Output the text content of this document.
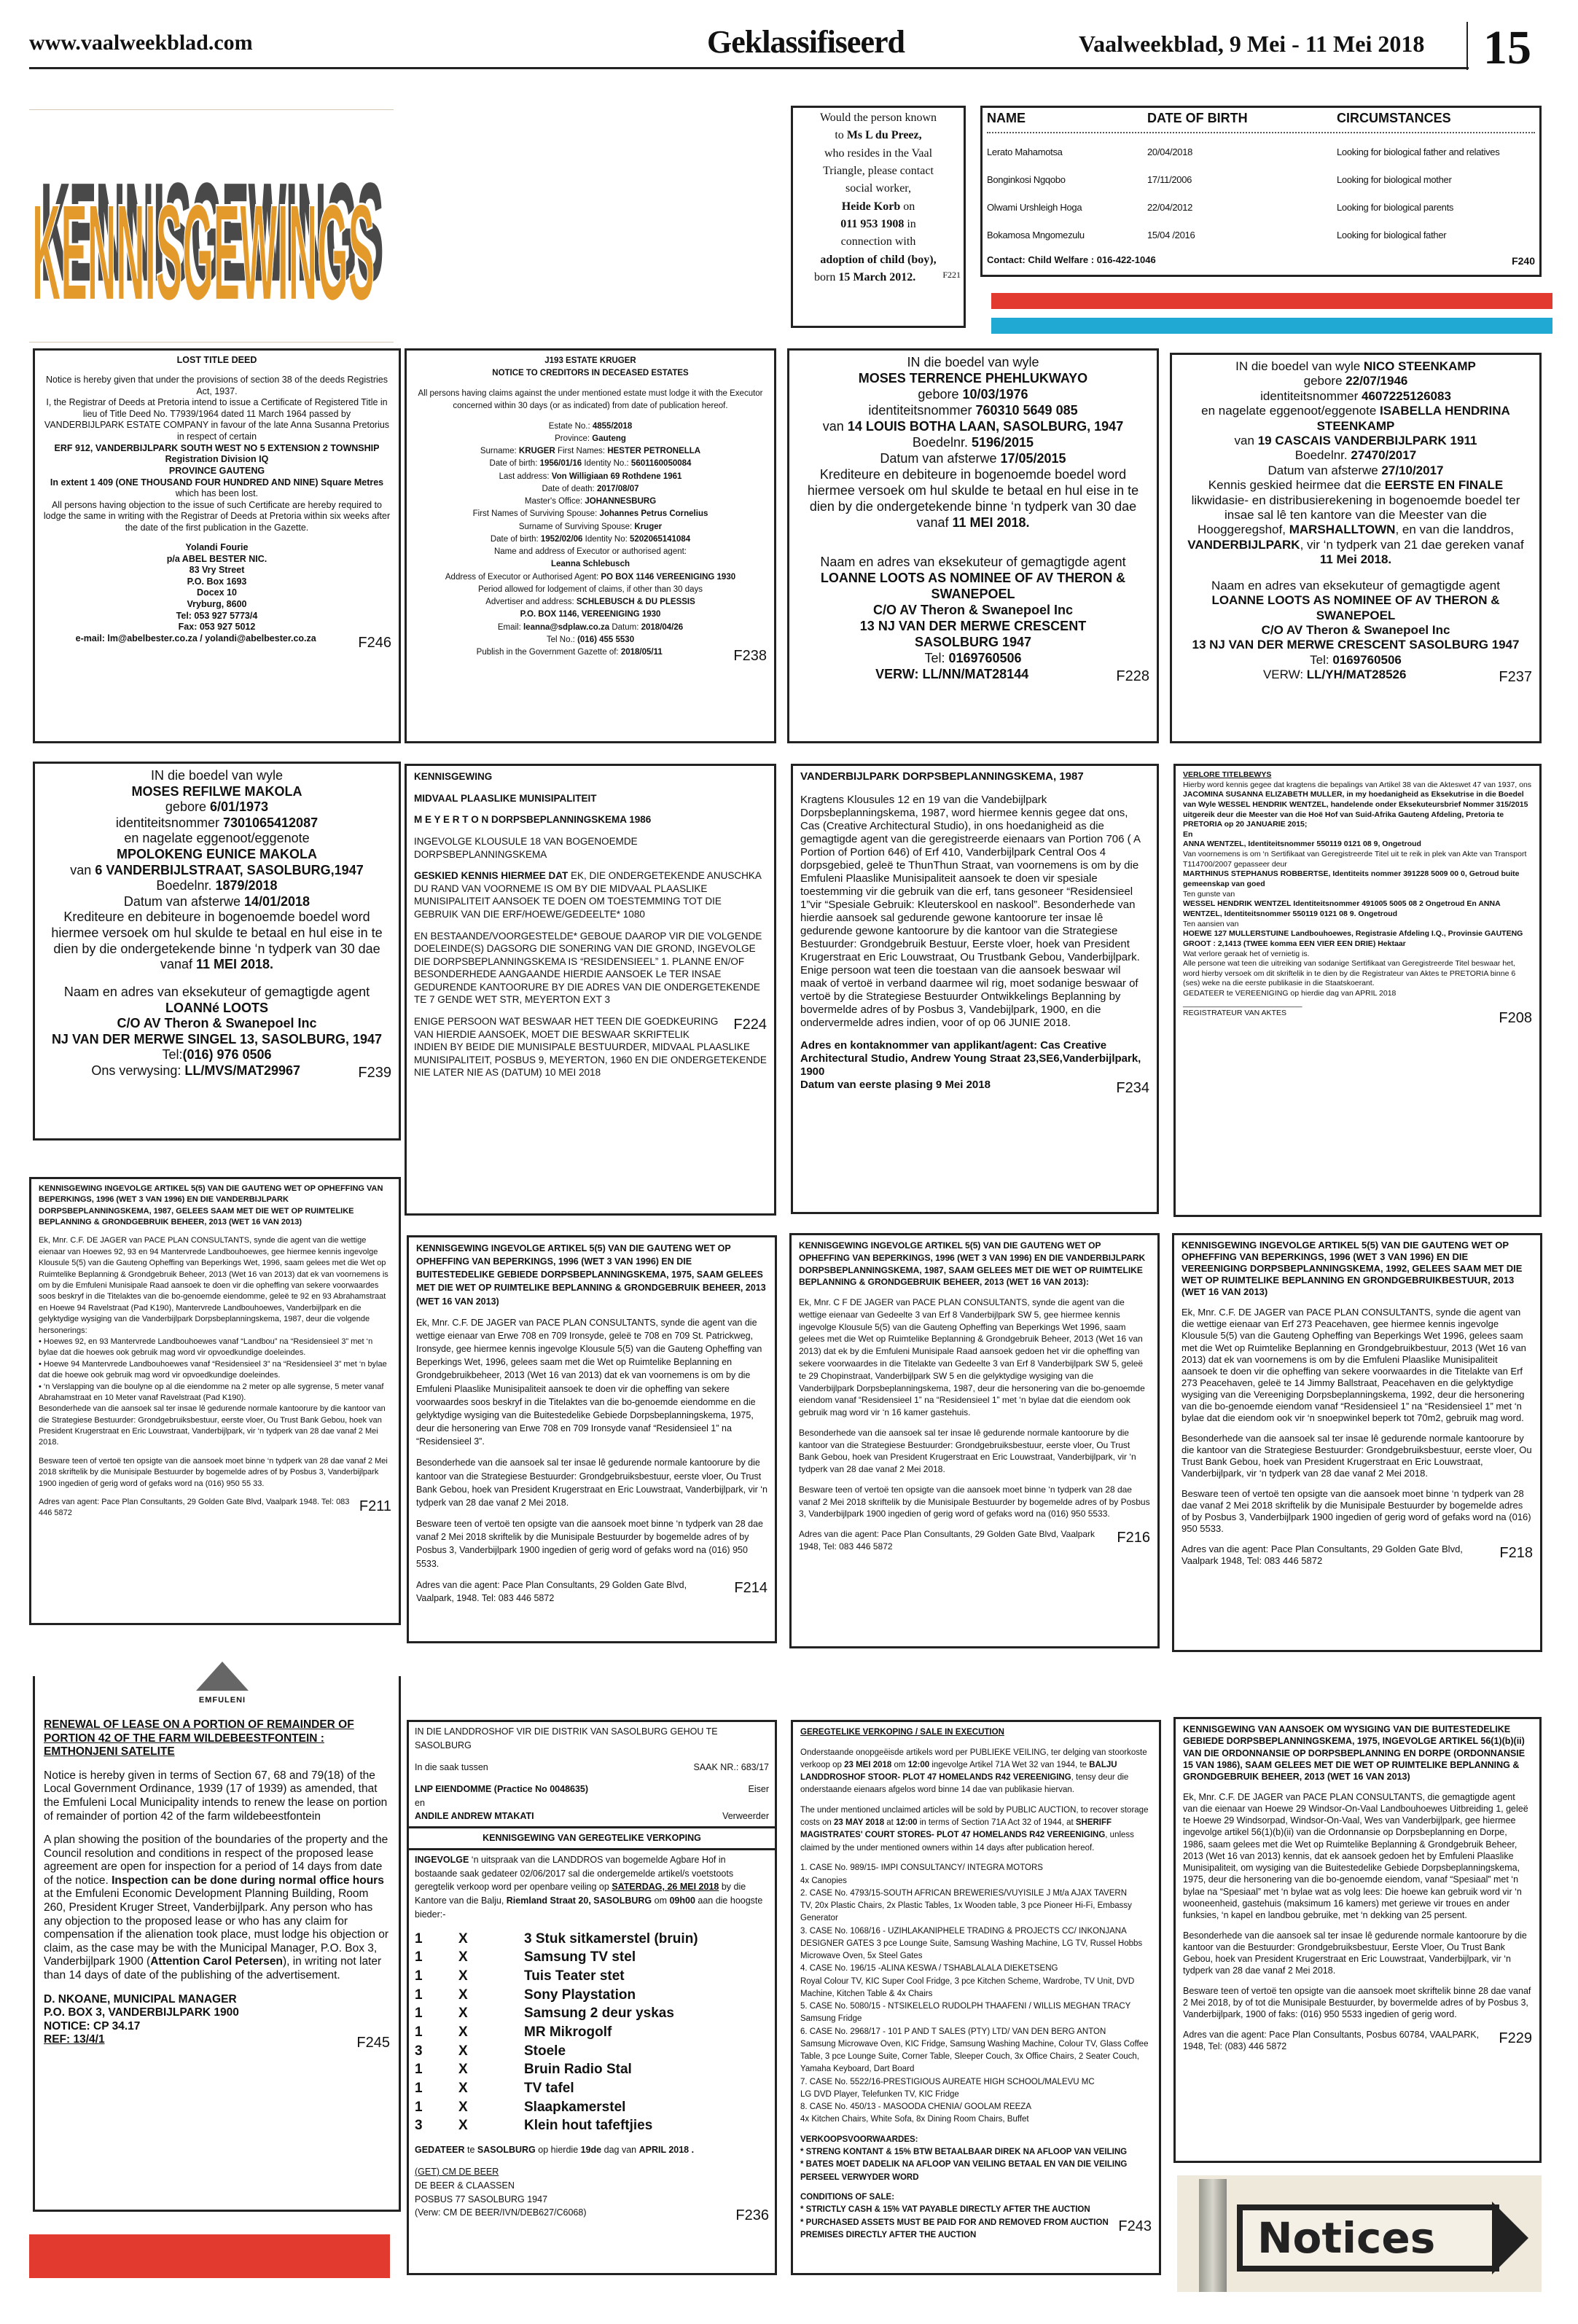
www.vaalweekblad.com	Geklassifiseerd	Vaalweekblad, 9 Mei - 11 Mei 2018 15
KENNISGEWINGS
Would the person known
to Ms L du Preez,
who resides in the Vaal
Triangle, please contact
social worker,
Heide Korb on
011 953 1908 in
connection with
adoption of child (boy),
F221
born 15 March 2012.
NAME	DATE OF BIRTH	CIRCUMSTANCES
Lerato Mahamotsa	20/04/2018	Looking for biological father and relatives
Bonginkosi Ngqobo	17/11/2006	Looking for biological mother
Olwami Urshleigh Hoga	22/04/2012	Looking for biological parents
Bokamosa Mngomezulu	15/04 /2016	Looking for biological father
F240
Contact: Child Welfare : 016-422-1046
LOST TITLE DEED
Notice is hereby given that under the provisions of section 38 of the deeds Registries Act, 1937.
I, the Registrar of Deeds at Pretoria intend to issue a Certificate of Registered Title in lieu of Title Deed No. T7939/1964 dated 11 March 1964 passed by VANDERBIJLPARK ESTATE COMPANY in favour of the late Anna Susanna Pretorius in respect of certain
ERF 912, VANDERBIJLPARK SOUTH WEST NO 5 EXTENSION 2 TOWNSHIP
Registration Division IQ
PROVINCE GAUTENG
In extent 1 409 (ONE THOUSAND FOUR HUNDRED AND NINE) Square Metres
which has been lost.
All persons having objection to the issue of such Certificate are hereby required to lodge the same in writing with the Registrar of Deeds at Pretoria within six weeks after the date of the first publication in the Gazette.
Yolandi Fourie
p/a ABEL BESTER NIC.
83 Vry Street
P.O. Box 1693
Docex 10
Vryburg, 8600
Tel: 053 927 5773/4
Fax: 053 927 5012
F246
e-mail: lm@abelbester.co.za / yolandi@abelbester.co.za
J193 ESTATE KRUGER
NOTICE TO CREDITORS IN DECEASED ESTATES
All persons having claims against the under mentioned estate must lodge it with the Executor concerned within 30 days (or as indicated) from date of publication hereof.
Estate No.: 4855/2018
Province: Gauteng
Surname: KRUGER First Names: HESTER PETRONELLA
Date of birth: 1956/01/16 Identity No.: 5601160050084
Last address: Von Willigiaan 69 Rothdene 1961
Date of death: 2017/08/07
Master's Office: JOHANNESBURG
First Names of Surviving Spouse: Johannes Petrus Cornelius
Surname of Surviving Spouse: Kruger
Date of birth: 1952/02/06 Identity No: 5202065141084
Name and address of Executor or authorised agent:
Leanna Schlebusch
Address of Executor or Authorised Agent: PO BOX 1146 VEREENIGING 1930
Period allowed for lodgement of claims, if other than 30 days
Advertiser and address: SCHLEBUSCH & DU PLESSIS
P.O. BOX 1146, VEREENIGING 1930
Email: leanna@sdplaw.co.za Datum: 2018/04/26
Tel No.: (016) 455 5530
F238
Publish in the Government Gazette of: 2018/05/11
IN die boedel van wyle
MOSES TERRENCE PHEHLUKWAYO
gebore 10/03/1976
identiteitsnommer 760310 5649 085
van 14 LOUIS BOTHA LAAN, SASOLBURG, 1947
Boedelnr. 5196/2015
Datum van afsterwe 17/05/2015
Krediteure en debiteure in bogenoemde boedel word hiermee versoek om hul skulde te betaal en hul eise in te dien by die ondergetekende binne ‘n tydperk van 30 dae vanaf 11 MEI 2018.
Naam en adres van eksekuteur of gemagtigde agent
LOANNE LOOTS AS NOMINEE OF AV THERON & SWANEPOEL
C/O AV Theron & Swanepoel Inc
13 NJ VAN DER MERWE CRESCENT
SASOLBURG 1947
Tel: 0169760506
F228
VERW: LL/NN/MAT28144
IN die boedel van wyle NICO STEENKAMP
gebore 22/07/1946
identiteitsnommer 4607225126083
en nagelate eggenoot/eggenote ISABELLA HENDRINA STEENKAMP
van 19 CASCAIS VANDERBIJLPARK 1911
Boedelnr. 27470/2017
Datum van afsterwe 27/10/2017
Kennis geskied heirmee dat die EERSTE EN FINALE likwidasie- en distribusierekening in bogenoemde boedel ter insae sal lê ten kantore van die Meester van die Hooggeregshof, MARSHALLTOWN, en van die landdros, VANDERBIJLPARK, vir ‘n tydperk van 21 dae gereken vanaf 11 Mei 2018.
Naam en adres van eksekuteur of gemagtigde agent
LOANNE LOOTS AS NOMINEE OF AV THERON & SWANEPOEL
C/O AV Theron & Swanepoel Inc
13 NJ VAN DER MERWE CRESCENT SASOLBURG 1947
Tel: 0169760506
F237
VERW: LL/YH/MAT28526
IN die boedel van wyle
MOSES REFILWE MAKOLA
gebore 6/01/1973
identiteitsnommer 7301065412087
en nagelate eggenoot/eggenote
MPOLOKENG EUNICE MAKOLA
van 6 VANDERBIJLSTRAAT, SASOLBURG,1947
Boedelnr. 1879/2018
Datum van afsterwe 14/01/2018
Krediteure en debiteure in bogenoemde boedel word hiermee versoek om hul skulde te betaal en hul eise in te dien by die ondergetekende binne ‘n tydperk van 30 dae vanaf 11 MEI 2018.
Naam en adres van eksekuteur of gemagtigde agent LOANNé LOOTS
C/O AV Theron & Swanepoel Inc
NJ VAN DER MERWE SINGEL 13, SASOLBURG, 1947
Tel:(016) 976 0506
F239
Ons verwysing: LL/MVS/MAT29967
KENNISGEWING
MIDVAAL PLAASLIKE MUNISIPALITEIT
M E Y E R T O N DORPSBEPLANNINGSKEMA 1986
INGEVOLGE KLOUSULE 18 VAN BOGENOEMDE DORPSBEPLANNINGSKEMA
GESKIED KENNIS HIERMEE DAT EK, DIE ONDERGETEKENDE ANUSCHKA DU RAND VAN VOORNEME IS OM BY DIE MIDVAAL PLAASLIKE MUNISIPALITEIT AANSOEK TE DOEN OM TOESTEMMING TOT DIE GEBRUIK VAN DIE ERF/HOEWE/GEDEELTE* 1080
EN BESTAANDE/VOORGESTELDE* GEBOUE DAAROP VIR DIE VOLGENDE DOELEINDE(S) DAGSORG DIE SONERING VAN DIE GROND, INGEVOLGE DIE DORPSBEPLANNINGSKEMA IS “RESIDENSIEEL” 1. PLANNE EN/OF BESONDERHEDE AANGAANDE HIERDIE AANSOEK Le TER INSAE GEDURENDE KANTOORURE BY DIE ADRES VAN DIE ONDERGETEKENDE TE 7 GENDE WET STR, MEYERTON EXT 3
F224
ENIGE PERSOON WAT BESWAAR HET TEEN DIE GOEDKEURING VAN HIERDIE AANSOEK, MOET DIE BESWAAR SKRIFTELIK INDIEN BY BEIDE DIE MUNISIPALE BESTUURDER, MIDVAAL PLAASLIKE MUNISIPALITEIT, POSBUS 9, MEYERTON, 1960 EN DIE ONDERGETEKENDE NIE LATER NIE AS (DATUM) 10 MEI 2018
VANDERBIJLPARK DORPSBEPLANNINGSKEMA, 1987
Kragtens Klousules 12 en 19 van die Vandebijlpark Dorpsbeplanningskema, 1987, word hiermee kennis gegee dat ons, Cas (Creative Architectural Studio), in ons hoedanigheid as die gemagtigde agent van die geregistreerde eienaars van Portion 706 ( A Portion of Portion 646) of Erf 410, Vanderbijlpark Central Oos 4 dorpsgebied, geleë te ThunThun Straat, van voornemens is om by die Emfuleni Plaaslike Munisipaliteit aansoek te doen vir spesiale toestemming vir die gebruik van die erf, tans gesoneer “Residensieel 1”vir “Spesiale Gebruik: Kleuterskool en naskool”. Besonderhede van hierdie aansoek sal gedurende gewone kantoorure ter insae lê gedurende gewone kantoorure by die kantoor van die Strategiese Bestuurder: Grondgebruik Bestuur, Eerste vloer, hoek van President Krugerstraat en Eric Louwstraat, Ou Trustbank Gebou, Vanderbijlpark. Enige persoon wat teen die toestaan van die aansoek beswaar wil maak of vertoë in verband daarmee wil rig, moet sodanige beswaar of vertoë by die Strategiese Bestuurder Ontwikkelings Beplanning by bovermelde adres of by Posbus 3, Vandebijlpark, 1900, en die ondervermelde adres indien, voor of op 06 JUNIE 2018.
Adres en kontaknommer van applikant/agent: Cas Creative Architectural Studio, Andrew Young Straat 23,SE6,Vanderbijlpark, 1900
F234
Datum van eerste plasing 9 Mei 2018
VERLORE TITELBEWYS
Hierby word kennis gegee dat kragtens die bepalings van Artikel 38 van die Akteswet 47 van 1937, ons
JACOMINA SUSANNA ELIZABETH MULLER, in my hoedanigheid as Eksekutrise in die Boedel van Wyle WESSEL HENDRIK WENTZEL, handelende onder Eksekuteursbrief Nommer 315/2015 uitgereik deur die Meester van die Hoë Hof van Suid-Afrika Gauteng Afdeling, Pretoria te PRETORIA op 20 JANUARIE 2015;
En
ANNA WENTZEL, Identiteitsnommer 550119 0121 08 9, Ongetroud
Van voornemens is om ‘n Sertifikaat van Geregistreerde Titel uit te reik in plek van Akte van Transport T114700/2007 gepasseer deur
MARTHINUS STEPHANUS ROBBERTSE, Identiteits nommer 391228 5009 00 0, Getroud buite gemeenskap van goed
Ten gunste van
WESSEL HENDRIK WENTZEL Identiteitsnommer 491005 5005 08 2 Ongetroud En ANNA WENTZEL, Identiteitsnommer 550119 0121 08 9. Ongetroud
Ten aansien van
HOEWE 127 MULLERSTUINE Landbouhoewes, Registrasie Afdeling I.Q., Provinsie GAUTENG
GROOT : 2,1413 (TWEE komma EEN VIER EEN DRIE) Hektaar
Wat verlore geraak het of vernietig is.
Alle persone wat teen die uitreiking van sodanige Sertifikaat van Geregistreerde Titel beswaar het, word hierby versoek om dit skriftelik in te dien by die Registrateur van Aktes te PRETORIA binne 6 (ses) weke na die eerste publikasie in die Staatskoerant.
GEDATEER te VEREENIGING op hierdie dag van APRIL 2018
____________________________
F208
REGISTRATEUR VAN AKTES
KENNISGEWING INGEVOLGE ARTIKEL 5(5) VAN DIE GAUTENG WET OP OPHEFFING VAN BEPERKINGS, 1996 (WET 3 VAN 1996) EN DIE VANDERBIJLPARK DORPSBEPLANNINGSKEMA, 1987, GELEES SAAM MET DIE WET OP RUIMTELIKE BEPLANNING & GRONDGEBRUIK BEHEER, 2013 (WET 16 VAN 2013)
Ek, Mnr. C.F. DE JAGER van PACE PLAN CONSULTANTS, synde die agent van die wettige eienaar van Hoewes 92, 93 en 94 Mantervrede Landbouhoewes, gee hiermee kennis ingevolge Klousule 5(5) van die Gauteng Opheffing van Beperkings Wet, 1996, saam gelees met die Wet op Ruimtelike Beplanning & Grondgebruik Beheer, 2013 (Wet 16 van 2013) dat ek van voornemens is om by die Emfuleni Munisipale Raad aansoek te doen vir die opheffing van sekere voorwaardes soos beskryf in die Titelaktes van die bo-genoemde eiendomme, geleë te 92 en 93 Abrahamstraat en Hoewe 94 Ravelstraat (Pad K190), Mantervrede Landbouhoewes, Vanderbijlpark en die gelyktydige wysiging van die Vanderbijlpark Dorpsbeplanningskema, 1987, deur die volgende hersonerings:
• Hoewes 92, en 93 Mantervrede Landbouhoewes vanaf “Landbou” na “Residensieel 3” met ‘n bylae dat die hoewes ook gebruik mag word vir opvoedkundige doeleindes.
• Hoewe 94 Mantervrede Landbouhoewes vanaf “Residensieel 3” na “Residensieel 3” met ‘n bylae dat die hoewe ook gebruik mag word vir opvoedkundige doeleindes.
• ‘n Verslapping van die boulyne op al die eiendomme na 2 meter op alle sygrense, 5 meter vanaf Abrahamstraat en 10 Meter vanaf Ravelstraat (Pad K190).
Besonderhede van die aansoek sal ter insae lê gedurende normale kantoorure by die kantoor van die Strategiese Bestuurder: Grondgebruiksbestuur, eerste vloer, Ou Trust Bank Gebou, hoek van President Krugerstraat en Eric Louwstraat, Vanderbijlpark, vir ‘n tydperk van 28 dae vanaf 2 Mei 2018.
Besware teen of vertoë ten opsigte van die aansoek moet binne ‘n tydperk van 28 dae vanaf 2 Mei 2018 skriftelik by die Munisipale Bestuurder by bogemelde adres of by Posbus 3, Vanderbijlpark 1900 ingedien of gerig word of gefaks word na (016) 950 55 33.
F211
Adres van agent: Pace Plan Consultants, 29 Golden Gate Blvd, Vaalpark 1948. Tel: 083 446 5872
KENNISGEWING INGEVOLGE ARTIKEL 5(5) VAN DIE GAUTENG WET OP OPHEFFING VAN BEPERKINGS, 1996 (WET 3 VAN 1996) EN DIE BUITESTEDELIKE GEBIEDE DORPSBEPLANNINGSKEMA, 1975, SAAM GELEES MET DIE WET OP RUIMTELIKE BEPLANNING & GRONDGEBRUIK BEHEER, 2013 (WET 16 VAN 2013)
Ek, Mnr. C.F. DE JAGER van PACE PLAN CONSULTANTS, synde die agent van die wettige eienaar van Erwe 708 en 709 Ironsyde, geleë te 708 en 709 St. Patrickweg, Ironsyde, gee hiermee kennis ingevolge Klousule 5(5) van die Gauteng Opheffing van Beperkings Wet, 1996, gelees saam met die Wet op Ruimtelike Beplanning en Grondgebruikbeheer, 2013 (Wet 16 van 2013) dat ek van voornemens is om by die Emfuleni Plaaslike Munisipaliteit aansoek te doen vir die opheffing van sekere voorwaardes soos beskryf in die Titelaktes van die bo-genoemde eiendomme en die gelyktydige wysiging van die Buitestedelike Gebiede Dorpsbeplanningskema, 1975, deur die hersonering van Erwe 708 en 709 Ironsyde vanaf “Residensieel 1” na “Residensieel 3”.
Besonderhede van die aansoek sal ter insae lê gedurende normale kantoorure by die kantoor van die Strategiese Bestuurder: Grondgebruiksbestuur, eerste vloer, Ou Trust Bank Gebou, hoek van President Krugerstraat en Eric Louwstraat, Vanderbijlpark, vir ‘n tydperk van 28 dae vanaf 2 Mei 2018.
Besware teen of vertoë ten opsigte van die aansoek moet binne ‘n tydperk van 28 dae vanaf 2 Mei 2018 skriftelik by die Munisipale Bestuurder by bogemelde adres of by Posbus 3, Vanderbijlpark 1900 ingedien of gerig word of gefaks word na (016) 950 5533.
F214
Adres van die agent: Pace Plan Consultants, 29 Golden Gate Blvd, Vaalpark, 1948. Tel: 083 446 5872
KENNISGEWING INGEVOLGE ARTIKEL 5(5) VAN DIE GAUTENG WET OP OPHEFFING VAN BEPERKINGS, 1996 (WET 3 VAN 1996) EN DIE VANDERBIJLPARK DORPSBEPLANNINGSKEMA, 1987, SAAM GELEES MET DIE WET OP RUIMTELIKE BEPLANNING & GRONDGEBRUIK BEHEER, 2013 (WET 16 VAN 2013):
Ek, Mnr. C F DE JAGER van PACE PLAN CONSULTANTS, synde die agent van die wettige eienaar van Gedeelte 3 van Erf 8 Vanderbijlpark SW 5, gee hiermee kennis ingevolge Klousule 5(5) van die Gauteng Opheffing van Beperkings Wet 1996, saam gelees met die Wet op Ruimtelike Beplanning & Grondgebruik Beheer, 2013 (Wet 16 van 2013) dat ek by die Emfuleni Munisipale Raad aansoek gedoen het vir die opheffing van sekere voorwaardes in die Titelakte van Gedeelte 3 van Erf 8 Vanderbijlpark SW 5, geleë te 29 Chopinstraat, Vanderbijlpark SW 5 en die gelyktydige wysiging van die Vanderbijlpark Dorpsbeplanningskema, 1987, deur die hersonering van die bo-genoemde eiendom vanaf “Residensieel 1” na “Residensieel 1” met ‘n bylae dat die eiendom ook gebruik mag word vir ‘n 16 kamer gastehuis.
Besonderhede van die aansoek sal ter insae lê gedurende normale kantoorure by die kantoor van die Strategiese Bestuurder: Grondgebruiksbestuur, eerste vloer, Ou Trust Bank Gebou, hoek van President Krugerstraat en Eric Louwstraat, Vanderbijlpark, vir ‘n tydperk van 28 dae vanaf 2 Mei 2018.
Besware teen of vertoë ten opsigte van die aansoek moet binne ‘n tydperk van 28 dae vanaf 2 Mei 2018 skriftelik by die Munisipale Bestuurder by bogemelde adres of by Posbus 3, Vanderbijlpark 1900 ingedien of gerig word of gefaks word na (016) 950 5533.
F216
Adres van die agent: Pace Plan Consultants, 29 Golden Gate Blvd, Vaalpark 1948, Tel: 083 446 5872
KENNISGEWING INGEVOLGE ARTIKEL 5(5) VAN DIE GAUTENG WET OP OPHEFFING VAN BEPERKINGS, 1996 (WET 3 VAN 1996) EN DIE VEREENIGING DORPSBEPLANNINGSKEMA, 1992, GELEES SAAM MET DIE WET OP RUIMTELIKE BEPLANNING EN GRONDGEBRUIKBESTUUR, 2013 (WET 16 VAN 2013)
Ek, Mnr. C.F. DE JAGER van PACE PLAN CONSULTANTS, synde die agent van die wettige eienaar van Erf 273 Peacehaven, gee hiermee kennis ingevolge Klousule 5(5) van die Gauteng Opheffing van Beperkings Wet 1996, gelees saam met die Wet op Ruimtelike Beplanning en Grondgebruikbestuur, 2013 (Wet 16 van 2013) dat ek van voornemens is om by die Emfuleni Plaaslike Munisipaliteit aansoek te doen vir die opheffing van sekere voorwaardes in die Titelakte van Erf 273 Peacehaven, geleë te 14 Jimmy Ballstraat, Peacehaven en die gelyktydige wysiging van die Vereeniging Dorpsbeplanningskema, 1992, deur die hersonering van die bo-genoemde eiendom vanaf “Residensieel 1” na “Residensieel 1” met ‘n bylae dat die eiendom ook vir ‘n snoepwinkel beperk tot 70m2, gebruik mag word.
Besonderhede van die aansoek sal ter insae lê gedurende normale kantoorure by die kantoor van die Strategiese Bestuurder: Grondgebruiksbestuur, eerste vloer, Ou Trust Bank Gebou, hoek van President Krugerstraat en Eric Louwstraat, Vanderbijlpark, vir ‘n tydperk van 28 dae vanaf 2 Mei 2018.
Besware teen of vertoë ten opsigte van die aansoek moet binne ‘n tydperk van 28 dae vanaf 2 Mei 2018 skriftelik by die Munisipale Bestuurder by bogemelde adres of by Posbus 3, Vanderbijlpark 1900 ingedien of gerig word of gefaks word na (016) 950 5533.
F218
Adres van die agent: Pace Plan Consultants, 29 Golden Gate Blvd, Vaalpark 1948, Tel: 083 446 5872
RENEWAL OF LEASE ON A PORTION OF REMAINDER OF PORTION 42 OF THE FARM WILDEBEESTFONTEIN : EMTHONJENI SATELITE
Notice is hereby given in terms of Section 67, 68 and 79(18) of the Local Government Ordinance, 1939 (17 of 1939) as amended, that the Emfuleni Local Municipality intends to renew the lease on portion of remainder of portion 42 of the farm wildebeestfontein
A plan showing the position of the boundaries of the property and the Council resolution and conditions in respect of the proposed lease agreement are open for inspection for a period of 14 days from date of the notice. Inspection can be done during normal office hours at the Emfuleni Economic Development Planning Building, Room 260, President Kruger Street, Vanderbijlpark. Any person who has any objection to the proposed lease or who has any claim for compensation if the alienation took place, must lodge his objection or claim, as the case may be with the Municipal Manager, P.O. Box 3, Vanderbijlpark 1900 (Attention Carol Petersen), in writing not later than 14 days of date of the publishing of the advertisement.
D. NKOANE, MUNICIPAL MANAGER
P.O. BOX 3, VANDERBIJLPARK 1900
NOTICE: CP 34.17
F245
REF: 13/4/1
EMFULENI
IN DIE LANDDROSHOF VIR DIE DISTRIK VAN SASOLBURG GEHOU TE SASOLBURG
In die saak tussen	SAAK NR.: 683/17
LNP EIENDOMME (Practice No 0048635)	Eiser
en
ANDILE ANDREW MTAKATI	Verweerder
KENNISGEWING VAN GEREGTELIKE VERKOPING
INGEVOLGE ‘n uitspraak van die LANDDROS van bogemelde Agbare Hof in bostaande saak gedateer 02/06/2017 sal die ondergemelde artikel/s voetstoots geregtelik verkoop word per openbare veiling op SATERDAG, 26 MEI 2018 by die Kantore van die Balju, Riemland Straat 20, SASOLBURG om 09h00 aan die hoogste bieder:-
1	X	3 Stuk sitkamerstel (bruin)
1	X	Samsung TV stel
1	X	Tuis Teater stet
1	X	Sony Playstation
1	X	Samsung 2 deur yskas
1	X	MR Mikrogolf
3	X	Stoele
1	X	Bruin Radio Stal
1	X	TV tafel
1	X	Slaapkamerstel
3	X	Klein hout tafeftjies
GEDATEER te SASOLBURG op hierdie 19de dag van APRIL 2018 .
(GET) CM DE BEER
DE BEER & CLAASSEN
POSBUS 77 SASOLBURG 1947
F236
(Verw: CM DE BEER/IVN/DEB627/C6068)
GEREGTELIKE VERKOPING / SALE IN EXECUTION
Onderstaande onopgeëisde artikels word per PUBLIEKE VEILING, ter delging van stoorkoste verkoop op 23 MEI 2018 om 12:00 ingevolge Artikel 71A Wet 32 van 1944, te BALJU LANDDROSHOF STOOR- PLOT 47 HOMELANDS R42 VEREENIGING, tensy deur die onderstaande eienaars afgelos word binne 14 dae van publikasie hiervan.
The under mentioned unclaimed articles will be sold by PUBLIC AUCTION, to recover storage costs on 23 MAY 2018 at 12:00 in terms of Section 71A Act 32 of 1944, at SHERIFF MAGISTRATES' COURT STORES- PLOT 47 HOMELANDS R42 VEREENIGING, unless claimed by the under mentioned owners within 14 days after publication hereof.
1. CASE No. 989/15- IMPI CONSULTANCY/ INTEGRA MOTORS
4x Canopies
2. CASE No. 4793/15-SOUTH AFRICAN BREWERIES/VUYISILE J Mt/a AJAX TAVERN
TV, 20x Plastic Chairs, 2x Plastic Tables, 1x Wooden table, 3 pce Pioneer Hi-Fi, Embassy Generator
3. CASE No. 1068/16 - UZIHLAKANIPHELE TRADING & PROJECTS CC/ INKONJANA DESIGNER GATES 3 pce Lounge Suite, Samsung Washing Machine, LG TV, Russel Hobbs Microwave Oven, 5x Steel Gates
4. CASE No. 196/15 -ALINA KESWA / TSHABLALALA DIEKETSENG
Royal Colour TV, KIC Super Cool Fridge, 3 pce Kitchen Scheme, Wardrobe, TV Unit, DVD Machine, Kitchen Table & 4x Chairs
5. CASE No. 5080/15 - NTSIKELELO RUDOLPH THAAFENI / WILLIS MEGHAN TRACY
Samsung Fridge
6. CASE No. 2968/17 - 101 P AND T SALES (PTY) LTD/ VAN DEN BERG ANTON
Samsung Microwave Oven, KIC Fridge, Samsung Washing Machine, Colour TV, Glass Coffee Table, 3 pce Lounge Suite, Corner Table, Sleeper Couch, 3x Office Chairs, 2 Seater Couch, Yamaha Keyboard, Dart Board
7. CASE No. 5522/16-PRESTIGIOUS AUREATE HIGH SCHOOL/MALEVU MC
LG DVD Player, Telefunken TV, KIC Fridge
8. CASE No. 450/13 - MASOODA CHENIA/ GOOLAM REEZA
4x Kitchen Chairs, White Sofa, 8x Dining Room Chairs, Buffet
VERKOOPSVOORWAARDES:
* STRENG KONTANT & 15% BTW BETAALBAAR DIREK NA AFLOOP VAN VEILING
* BATES MOET DADELIK NA AFLOOP VAN VEILING BETAAL EN VAN DIE VEILING PERSEEL VERWYDER WORD
CONDITIONS OF SALE:
* STRICTLY CASH & 15% VAT PAYABLE DIRECTLY AFTER THE AUCTION
F243
* PURCHASED ASSETS MUST BE PAID FOR AND REMOVED FROM AUCTION PREMISES DIRECTLY AFTER THE AUCTION
KENNISGEWING VAN AANSOEK OM WYSIGING VAN DIE BUITESTEDELIKE GEBIEDE DORPSBEPLANNINGSKEMA, 1975, INGEVOLGE ARTIKEL 56(1)(b)(ii) VAN DIE ORDONNANSIE OP DORPSBEPLANNING EN DORPE (ORDONNANSIE 15 VAN 1986), SAAM GELEES MET DIE WET OP RUIMTELIKE BEPLANNING & GRONDGEBRUIK BEHEER, 2013 (WET 16 VAN 2013)
Ek, Mnr. C.F. DE JAGER van PACE PLAN CONSULTANTS, die gemagtigde agent van die eienaar van Hoewe 29 Windsor-On-Vaal Landbouhoewes Uitbreiding 1, geleë te Hoewe 29 Windsorpad, Windsor-On-Vaal, Wes van Vanderbijlpark, gee hiermee ingevolge artikel 56(1)(b)(ii) van die Ordonnansie op Dorpsbeplanning en Dorpe, 1986, saam gelees met die Wet op Ruimtelike Beplanning & Grondgebruik Beheer, 2013 (Wet 16 van 2013) kennis, dat ek aansoek gedoen het by Emfuleni Plaaslike Munisipaliteit, om wysiging van die Buitestedelike Gebiede Dorpsbeplanningskema, 1975, deur die hersonering van die bo-genoemde eiendom, vanaf “Spesiaal” met ‘n bylae na “Spesiaal” met ‘n bylae wat as volg lees: Die hoewe kan gebruik word vir ‘n wooneenheid, gastehuis (maksimum 16 kamers) met geriewe vir troues en ander funksies, ‘n kapel en landbou gebruike, met ‘n dekking van 25 persent.
Besonderhede van die aansoek sal ter insae lê gedurende normale kantoorure by die kantoor van die Bestuurder: Grondgebruiksbestuur, Eerste Vloer, Ou Trust Bank Gebou, hoek van President Krugerstraat en Eric Louwstraat, Vanderbijlpark, vir ‘n tydperk van 28 dae vanaf 2 Mei 2018.
Besware teen of vertoë ten opsigte van die aansoek moet skriftelik binne 28 dae vanaf 2 Mei 2018, by of tot die Munisipale Bestuurder, by bovermelde adres of by Posbus 3, Vanderbijlpark, 1900 of faks: (016) 950 5533 ingedien of gerig word.
F229
Adres van die agent: Pace Plan Consultants, Posbus 60784, VAALPARK, 1948, Tel: (083) 446 5872
Notices
